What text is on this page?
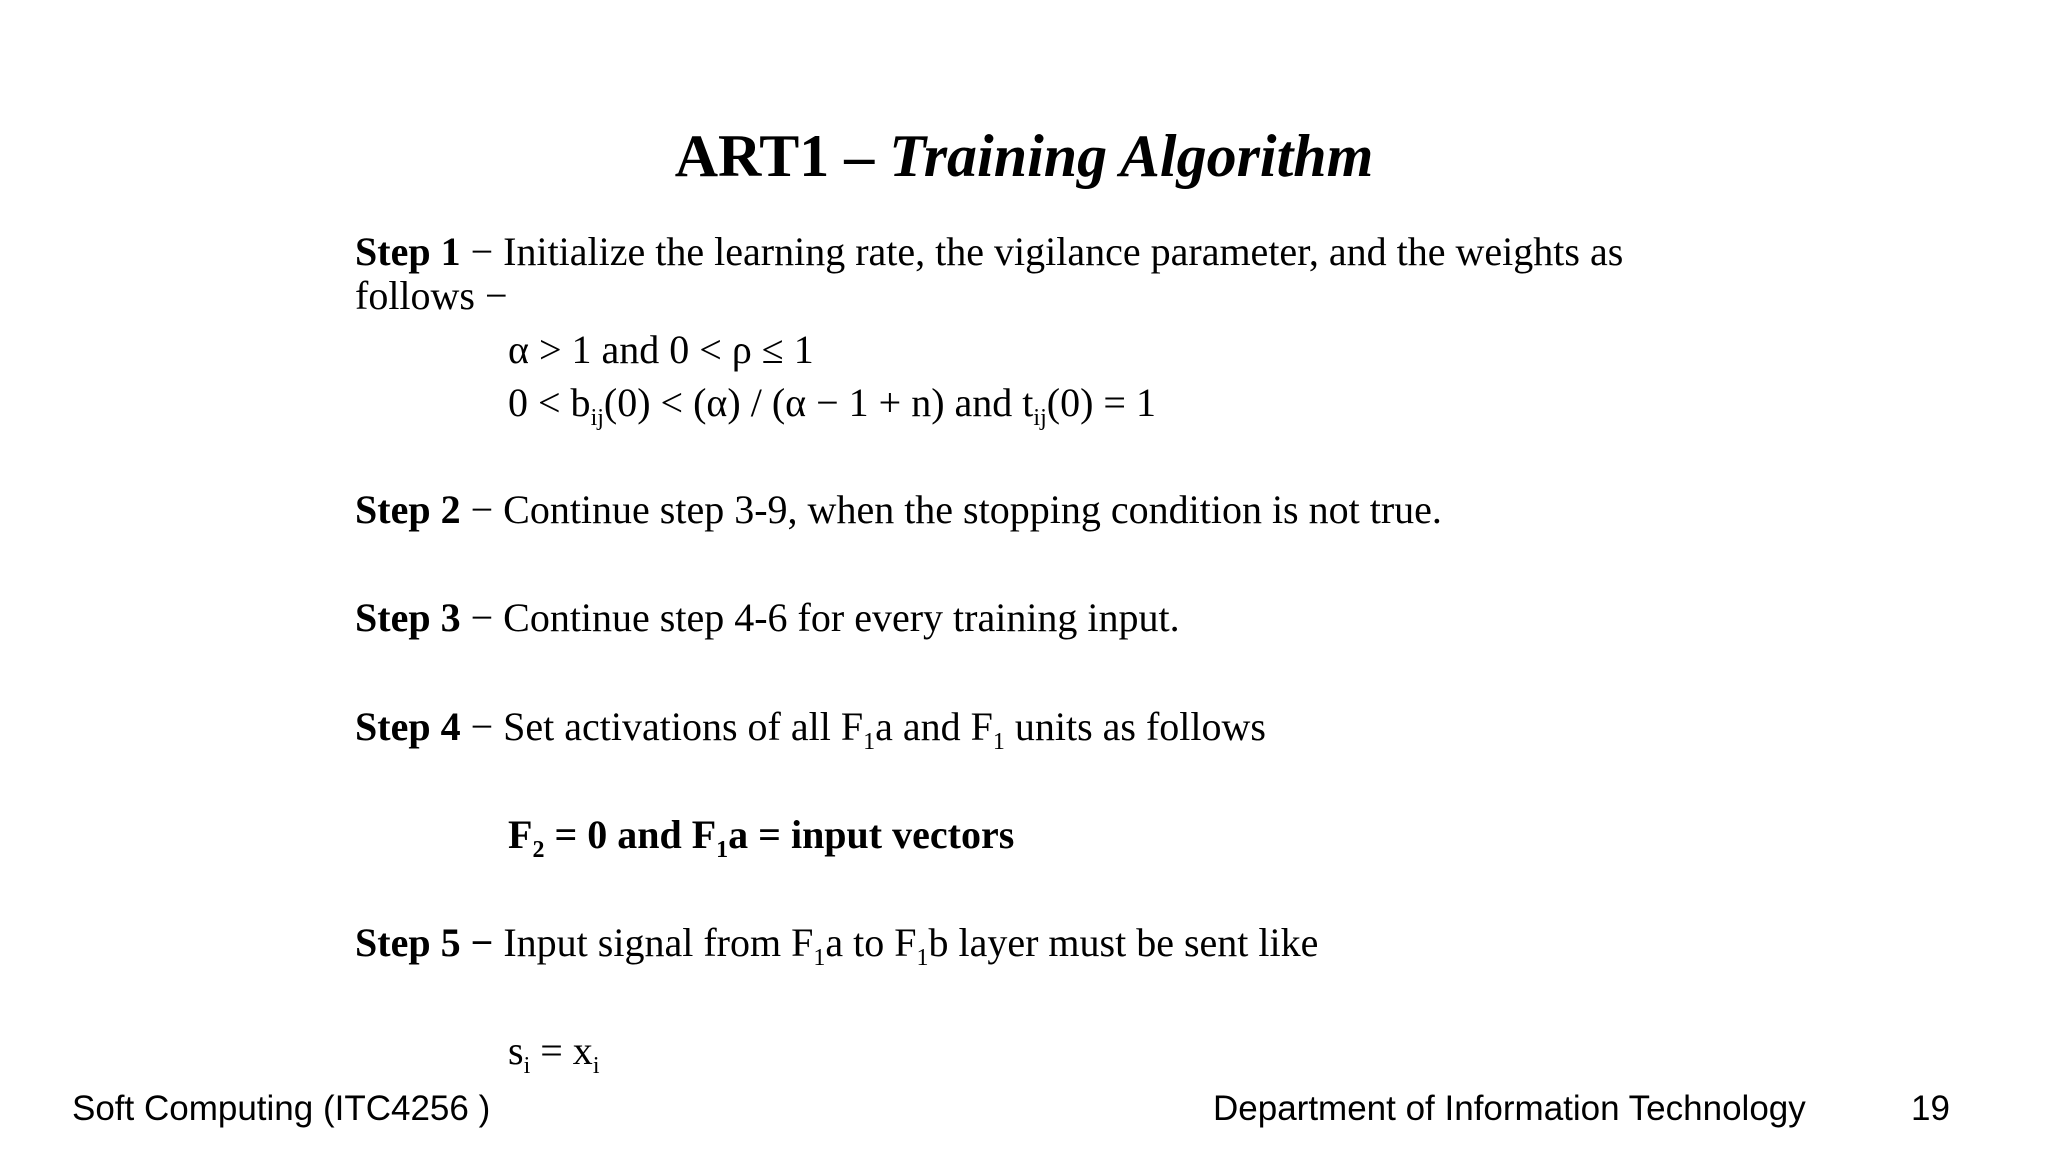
ART1 – Training Algorithm

Step 1 − Initialize the learning rate, the vigilance parameter, and the weights as follows −

α > 1 and 0 < ρ ≤ 1

$0 < b_{ij}(0) < (\alpha) / (\alpha - 1 + n)$ and $t_{ij}(0) = 1$

Step 2 − Continue step 3-9, when the stopping condition is not true.

Step 3 − Continue step 4-6 for every training input.

Step 4 − Set activations of all $F_1a$ and $F_1$ units as follows

$F_2 = 0$ and $F_1a$ = input vectors

Step 5 − Input signal from $F_1a$ to $F_1b$ layer must be sent like

$s_i = x_i$

Soft Computing (ITC4256 )	Department of Information Technology	19
